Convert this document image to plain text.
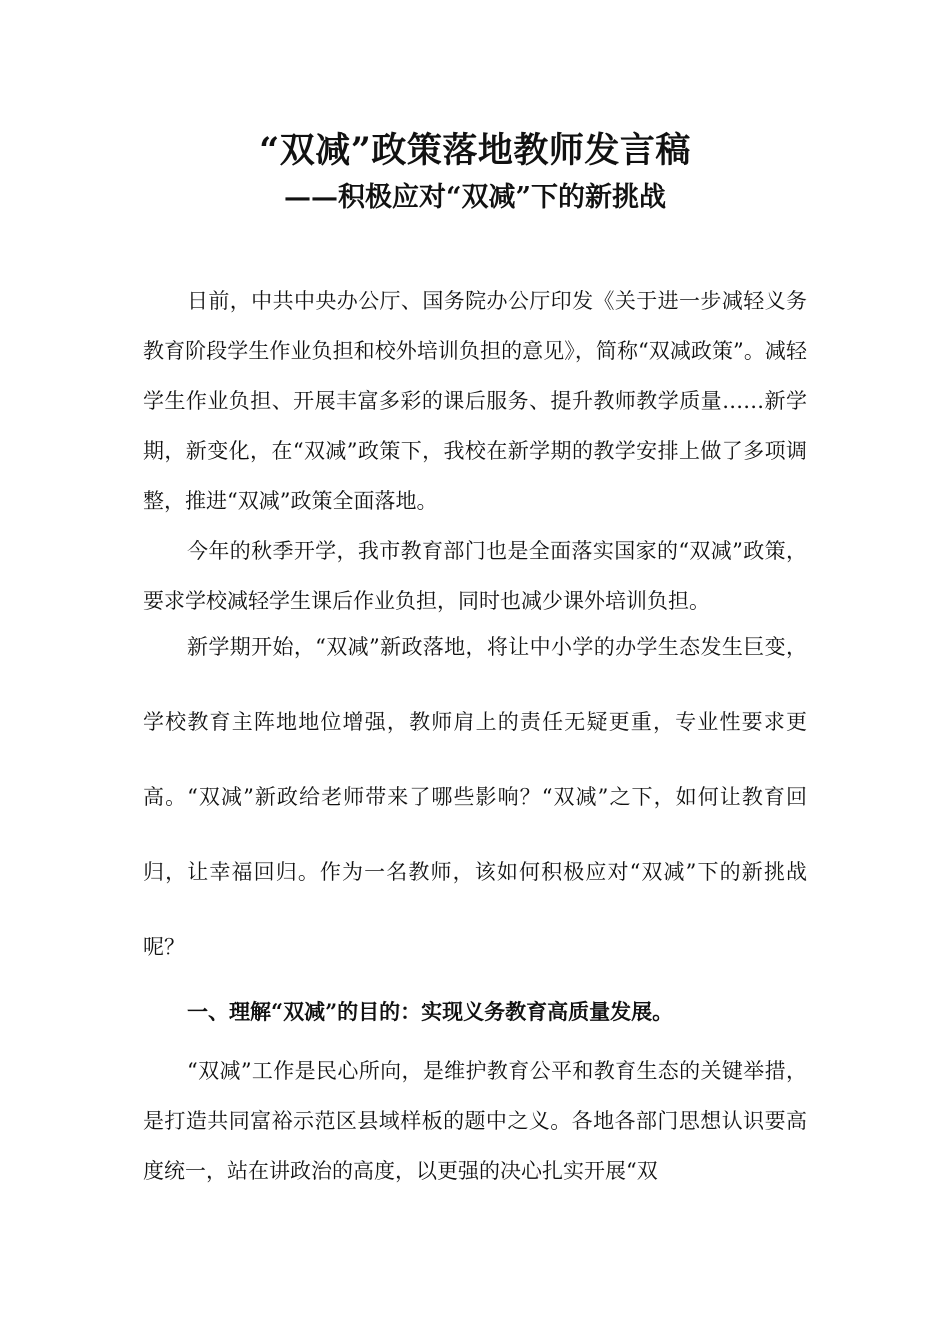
“双减”政策落地教师发言稿
——积极应对“双减”下的新挑战

日前，中共中央办公厅、国务院办公厅印发《关于进一步减轻义务教育阶段学生作业负担和校外培训负担的意见》，简称“双减政策”。减轻学生作业负担、开展丰富多彩的课后服务、提升教师教学质量……新学期，新变化，在“双减”政策下，我校在新学期的教学安排上做了多项调整，推进“双减”政策全面落地。

今年的秋季开学，我市教育部门也是全面落实国家的“双减”政策，要求学校减轻学生课后作业负担，同时也减少课外培训负担。

新学期开始，“双减”新政落地，将让中小学的办学生态发生巨变，学校教育主阵地地位增强，教师肩上的责任无疑更重，专业性要求更高。“双减”新政给老师带来了哪些影响？“双减”之下，如何让教育回归，让幸福回归。作为一名教师，该如何积极应对“双减”下的新挑战呢？

一、理解“双减”的目的：实现义务教育高质量发展。

“双减”工作是民心所向，是维护教育公平和教育生态的关键举措，是打造共同富裕示范区县域样板的题中之义。各地各部门思想认识要高度统一，站在讲政治的高度，以更强的决心扎实开展“双
